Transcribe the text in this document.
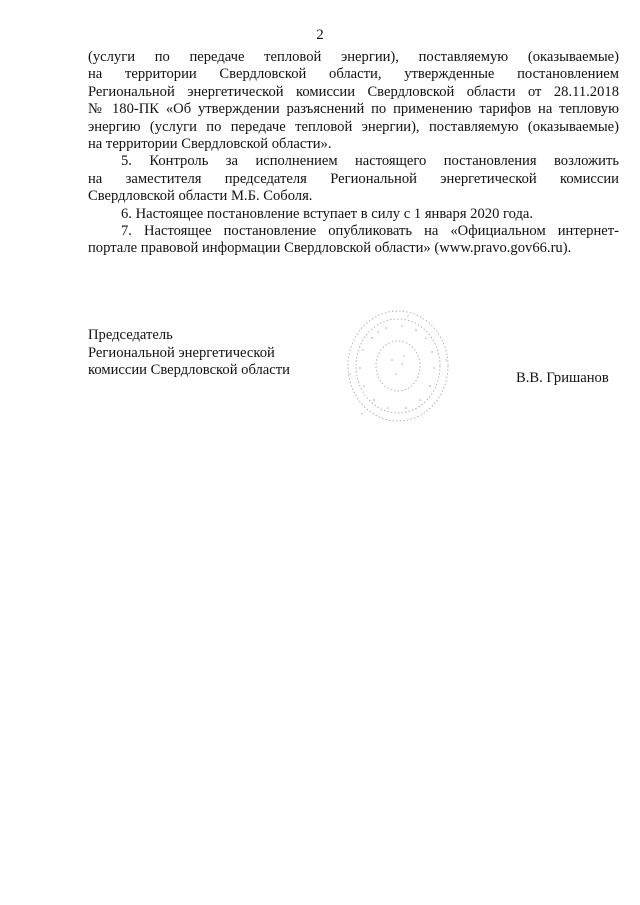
2
(услуги по передаче тепловой энергии), поставляемую (оказываемые)
на территории Свердловской области, утвержденные постановлением
Региональной энергетической комиссии Свердловской области от 28.11.2018
№ 180-ПК «Об утверждении разъяснений по применению тарифов на тепловую
энергию (услуги по передаче тепловой энергии), поставляемую (оказываемые)
на территории Свердловской области».
5. Контроль за исполнением настоящего постановления возложить
на заместителя председателя Региональной энергетической комиссии
Свердловской области М.Б. Соболя.
6. Настоящее постановление вступает в силу с 1 января 2020 года.
7. Настоящее постановление опубликовать на «Официальном интернет-
портале правовой информации Свердловской области» (www.pravo.gov66.ru).
Председатель
Региональной энергетической
комиссии Свердловской области	В.В. Гришанов
